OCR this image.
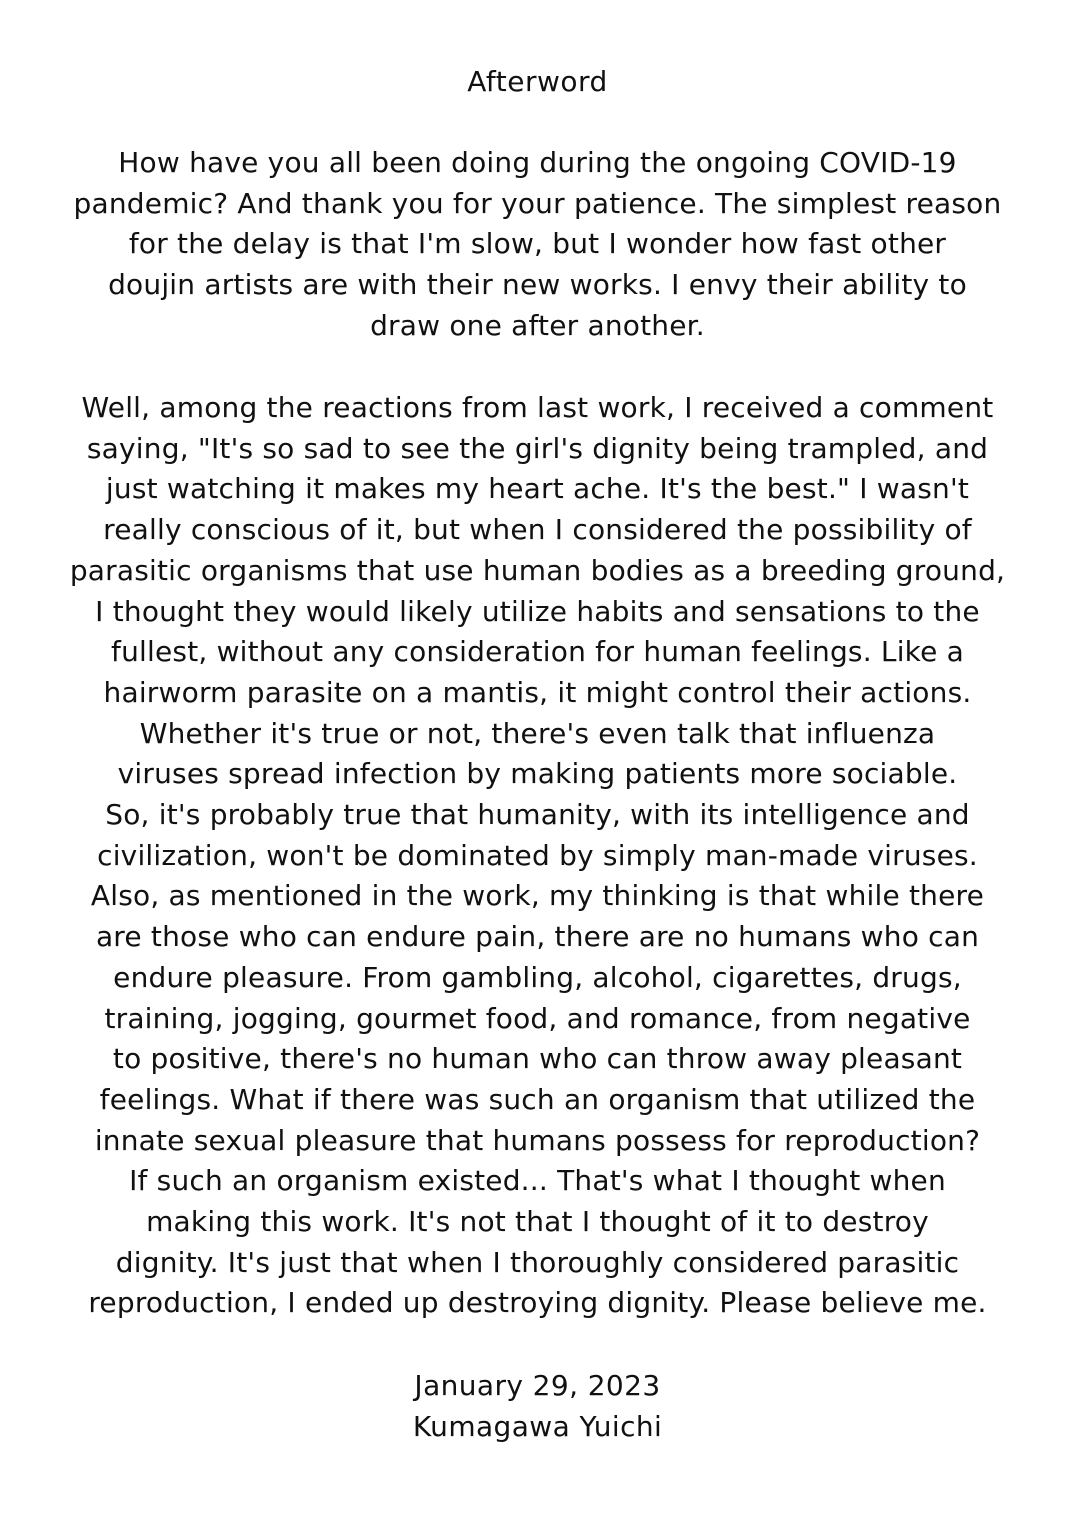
Afterword

How have you all been doing during the ongoing COVID-19
pandemic? And thank you for your patience. The simplest reason
for the delay is that I'm slow, but I wonder how fast other
doujin artists are with their new works. I envy their ability to
draw one after another.

Well, among the reactions from last work, I received a comment
saying, "It's so sad to see the girl's dignity being trampled, and
just watching it makes my heart ache. It's the best." I wasn't
really conscious of it, but when I considered the possibility of
parasitic organisms that use human bodies as a breeding ground,
I thought they would likely utilize habits and sensations to the
fullest, without any consideration for human feelings. Like a
hairworm parasite on a mantis, it might control their actions.
Whether it's true or not, there's even talk that influenza
viruses spread infection by making patients more sociable.
So, it's probably true that humanity, with its intelligence and
civilization, won't be dominated by simply man-made viruses.
Also, as mentioned in the work, my thinking is that while there
are those who can endure pain, there are no humans who can
endure pleasure. From gambling, alcohol, cigarettes, drugs,
training, jogging, gourmet food, and romance, from negative
to positive, there's no human who can throw away pleasant
feelings. What if there was such an organism that utilized the
innate sexual pleasure that humans possess for reproduction?
If such an organism existed... That's what I thought when
making this work. It's not that I thought of it to destroy
dignity. It's just that when I thoroughly considered parasitic
reproduction, I ended up destroying dignity. Please believe me.

January 29, 2023
Kumagawa Yuichi
